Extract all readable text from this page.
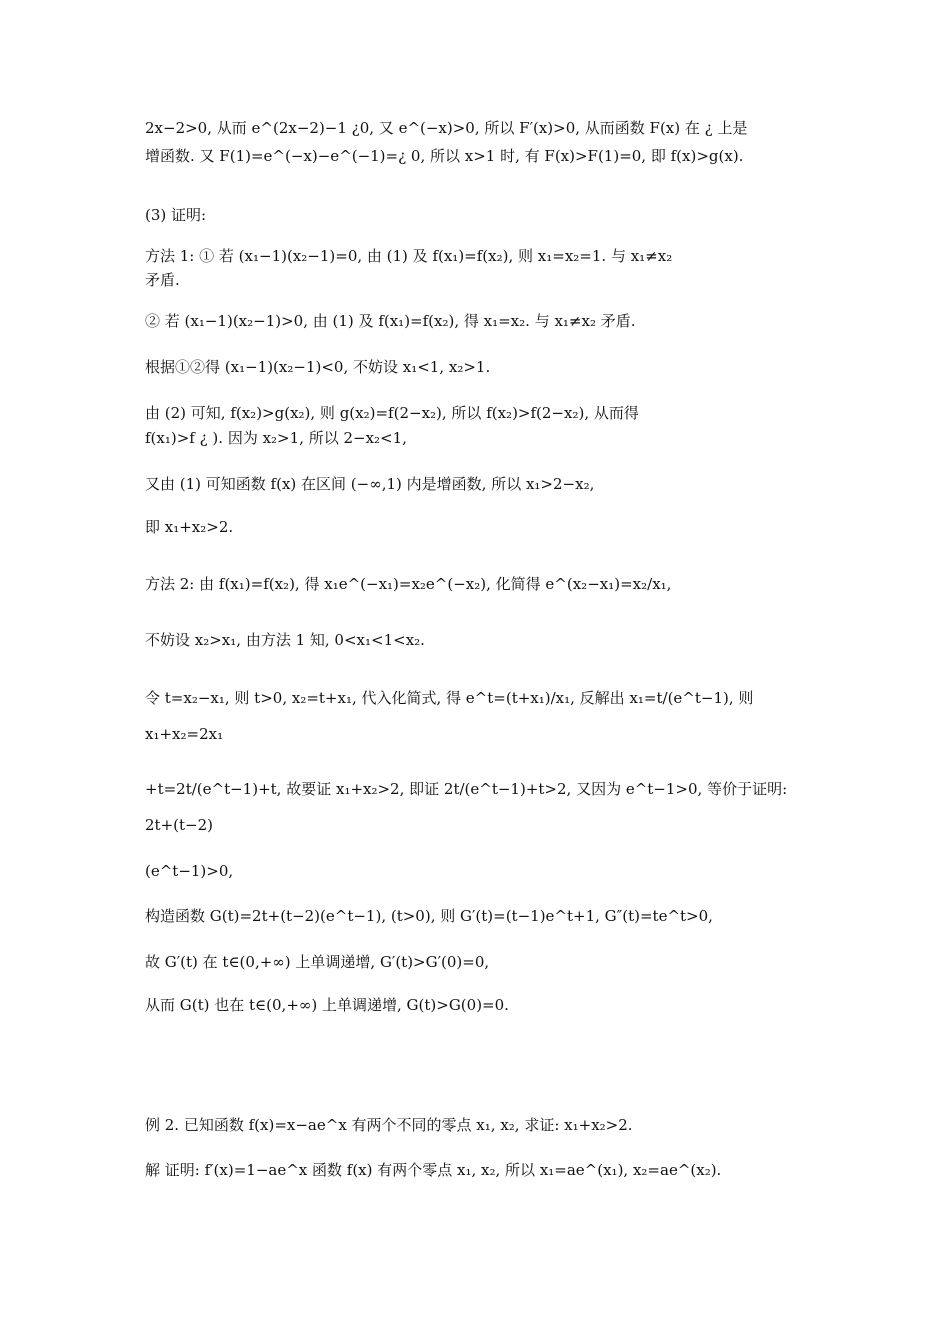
2x−2>0, 从而 e^(2x−2)−1 ¿0, 又 e^(−x)>0, 所以 F′(x)>0, 从而函数 F(x) 在 ¿ 上是
增函数. 又 F(1)=e^(−x)−e^(−1)=¿ 0, 所以 x>1 时, 有 F(x)>F(1)=0, 即 f(x)>g(x).
(3) 证明:
方法 1: ① 若 (x₁−1)(x₂−1)=0, 由 (1) 及 f(x₁)=f(x₂), 则 x₁=x₂=1. 与 x₁≠x₂
矛盾.
② 若 (x₁−1)(x₂−1)>0, 由 (1) 及 f(x₁)=f(x₂), 得 x₁=x₂. 与 x₁≠x₂ 矛盾.
根据①②得 (x₁−1)(x₂−1)<0, 不妨设 x₁<1, x₂>1.
由 (2) 可知, f(x₂)>g(x₂), 则 g(x₂)=f(2−x₂), 所以 f(x₂)>f(2−x₂), 从而得
f(x₁)>f ¿ ). 因为 x₂>1, 所以 2−x₂<1,
又由 (1) 可知函数 f(x) 在区间 (−∞,1) 内是增函数, 所以 x₁>2−x₂,
即 x₁+x₂>2.
方法 2: 由 f(x₁)=f(x₂), 得 x₁e^(−x₁)=x₂e^(−x₂), 化简得 e^(x₂−x₁)=x₂/x₁,
不妨设 x₂>x₁, 由方法 1 知, 0<x₁<1<x₂.
令 t=x₂−x₁, 则 t>0, x₂=t+x₁, 代入化简式, 得 e^t=(t+x₁)/x₁, 反解出 x₁=t/(e^t−1), 则
x₁+x₂=2x₁
+t=2t/(e^t−1)+t, 故要证 x₁+x₂>2, 即证 2t/(e^t−1)+t>2, 又因为 e^t−1>0, 等价于证明:
2t+(t−2)
(e^t−1)>0,
构造函数 G(t)=2t+(t−2)(e^t−1), (t>0), 则 G′(t)=(t−1)e^t+1, G″(t)=te^t>0,
故 G′(t) 在 t∈(0,+∞) 上单调递增, G′(t)>G′(0)=0,
从而 G(t) 也在 t∈(0,+∞) 上单调递增, G(t)>G(0)=0.
例 2. 已知函数 f(x)=x−ae^x 有两个不同的零点 x₁, x₂, 求证: x₁+x₂>2.
解 证明: f′(x)=1−ae^x 函数 f(x) 有两个零点 x₁, x₂, 所以 x₁=ae^(x₁), x₂=ae^(x₂).
